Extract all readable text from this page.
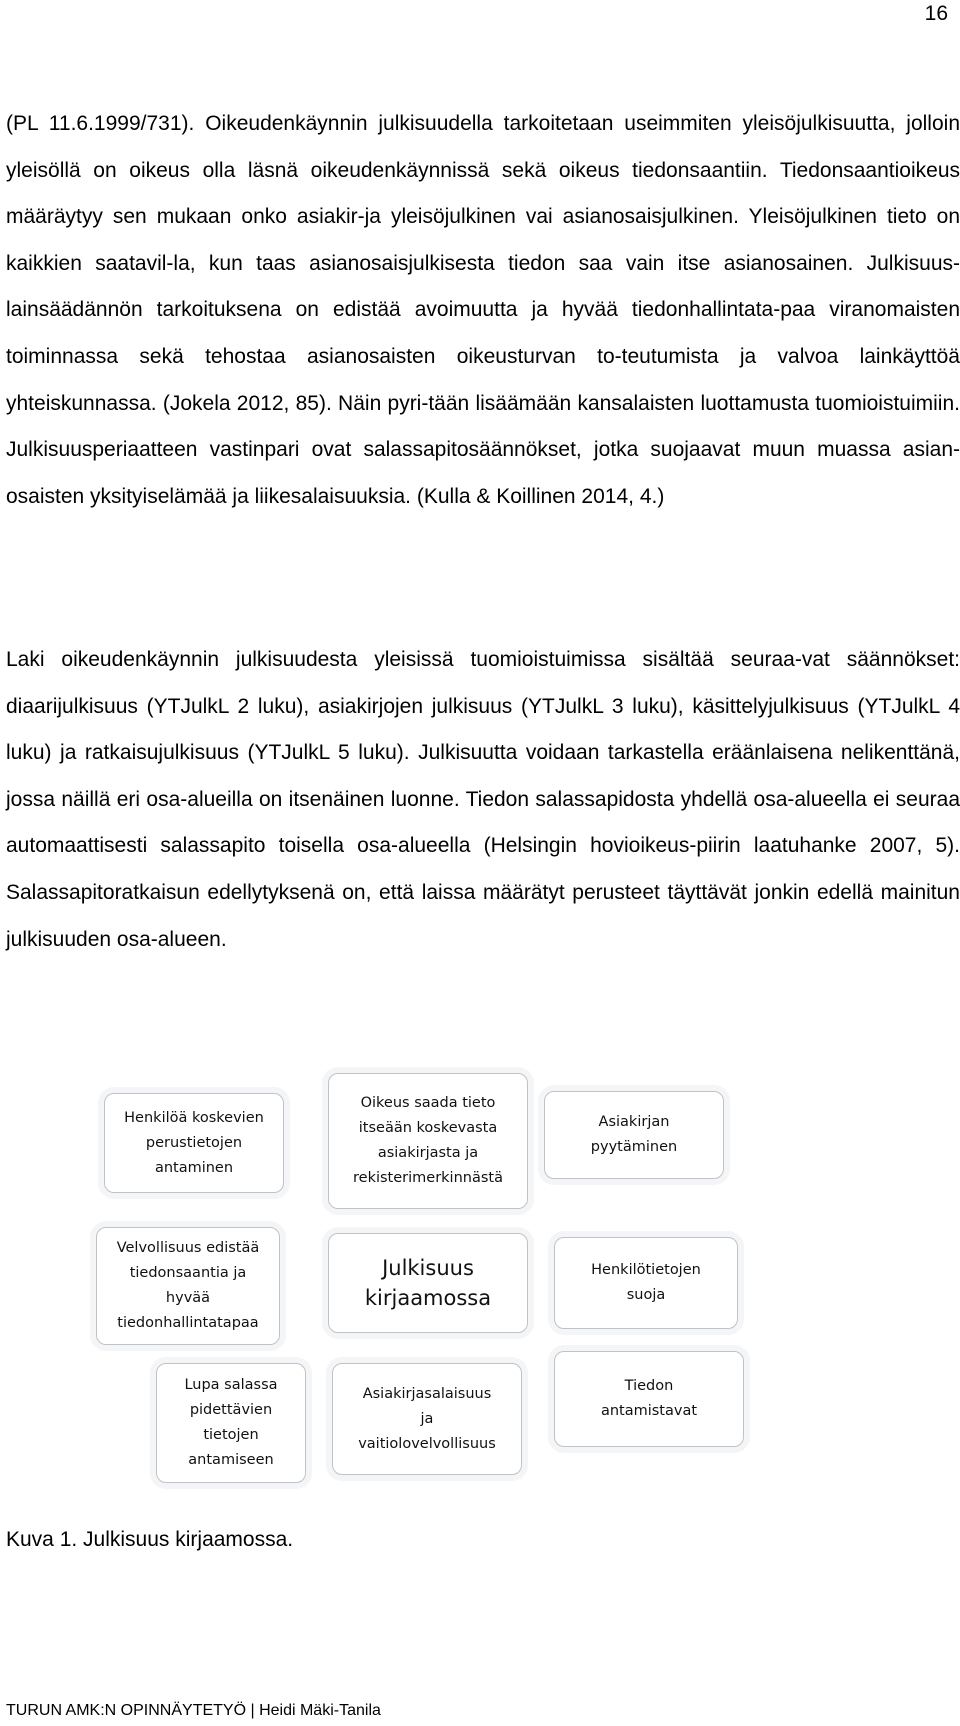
16

(PL 11.6.1999/731). Oikeudenkäynnin julkisuudella tarkoitetaan useimmiten yleisöjulkisuutta, jolloin yleisöllä on oikeus olla läsnä oikeudenkäynnissä sekä oikeus tiedonsaantiin. Tiedonsaantioikeus määräytyy sen mukaan onko asiakir-ja yleisöjulkinen vai asianosaisjulkinen. Yleisöjulkinen tieto on kaikkien saatavil-la, kun taas asianosaisjulkisesta tiedon saa vain itse asianosainen. Julkisuus-lainsäädännön tarkoituksena on edistää avoimuutta ja hyvää tiedonhallintata-paa viranomaisten toiminnassa sekä tehostaa asianosaisten oikeusturvan to-teutumista ja valvoa lainkäyttöä yhteiskunnassa. (Jokela 2012, 85). Näin pyri-tään lisäämään kansalaisten luottamusta tuomioistuimiin. Julkisuusperiaatteen vastinpari ovat salassapitosäännökset, jotka suojaavat muun muassa asian-osaisten yksityiselämää ja liikesalaisuuksia. (Kulla & Koillinen 2014, 4.)

Laki oikeudenkäynnin julkisuudesta yleisissä tuomioistuimissa sisältää seuraa-vat säännökset: diaarijulkisuus (YTJulkL 2 luku), asiakirjojen julkisuus (YTJulkL 3 luku), käsittelyjulkisuus (YTJulkL 4 luku) ja ratkaisujulkisuus (YTJulkL 5 luku). Julkisuutta voidaan tarkastella eräänlaisena nelikenttänä, jossa näillä eri osa-alueilla on itsenäinen luonne. Tiedon salassapidosta yhdellä osa-alueella ei seuraa automaattisesti salassapito toisella osa-alueella (Helsingin hovioikeus-piirin laatuhanke 2007, 5). Salassapitoratkaisun edellytyksenä on, että laissa määrätyt perusteet täyttävät jonkin edellä mainitun julkisuuden osa-alueen.

Henkilöä koskevien
perustietojen
antaminen
Oikeus saada tieto
itseään koskevasta
asiakirjasta ja
rekisterimerkinnästä
Asiakirjan
pyytäminen
Velvollisuus edistää
tiedonsaantia ja
hyvää
tiedonhallintatapaa
Julkisuus
kirjaamossa
Henkilötietojen
suoja
Lupa salassa
pidettävien
tietojen
antamiseen
Asiakirjasalaisuus
ja
vaitiolovelvollisuus
Tiedon
antamistavat

Kuva 1. Julkisuus kirjaamossa.

TURUN AMK:N OPINNÄYTETYÖ | Heidi Mäki-Tanila
